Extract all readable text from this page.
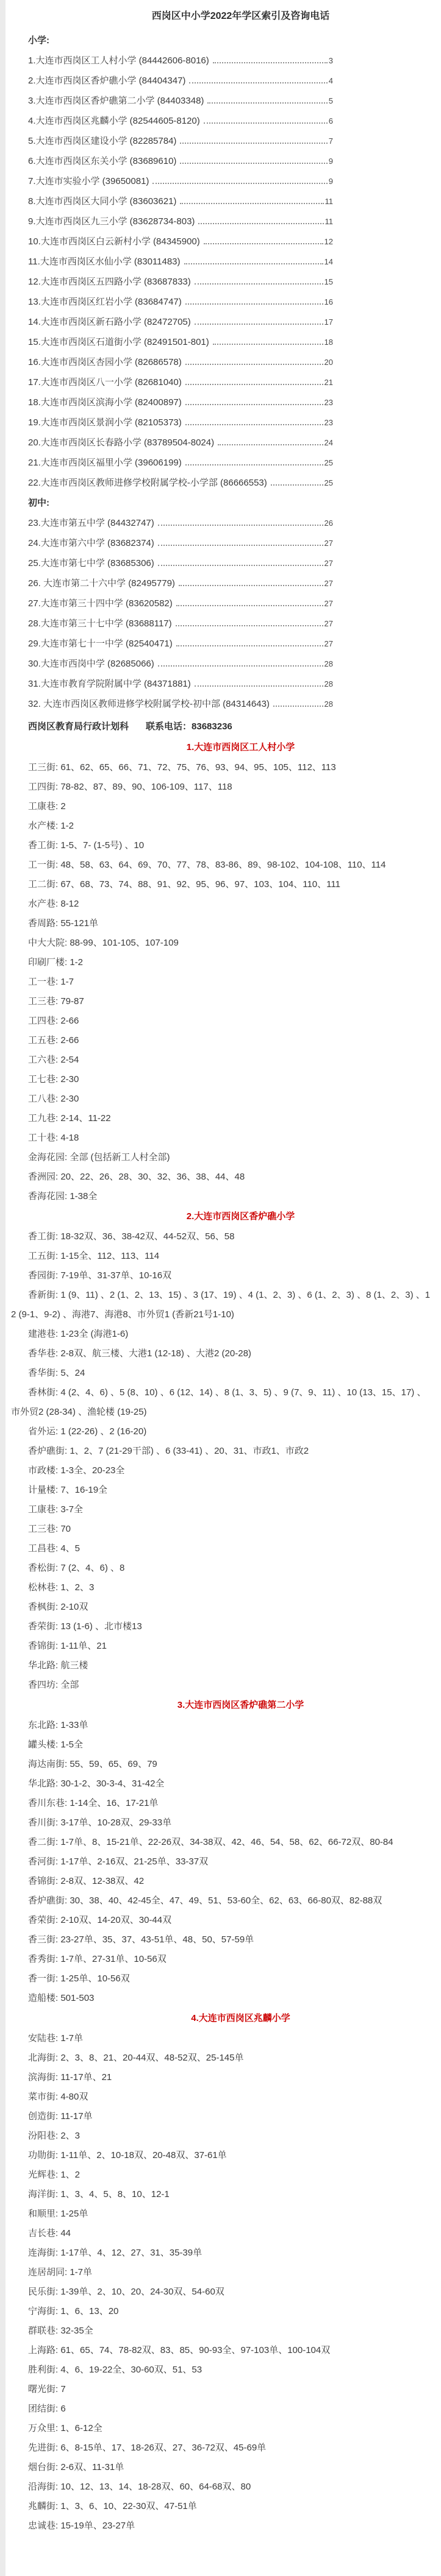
西岗区中小学2022年学区索引及咨询电话
小学:
1.大连市西岗区工人村小学 (84442606-8016)	3
2.大连市西岗区香炉礁小学 (84404347)	4
3.大连市西岗区香炉礁第二小学 (84403348)	5
4.大连市西岗区兆麟小学 (82544605-8120)	6
5.大连市西岗区建设小学 (82285784)	7
6.大连市西岗区东关小学 (83689610)	9
7.大连市实验小学 (39650081)	9
8.大连市西岗区大同小学 (83603621)	11
9.大连市西岗区九三小学 (83628734-803)	11
10.大连市西岗区白云新村小学 (84345900)	12
11.大连市西岗区水仙小学 (83011483)	14
12.大连市西岗区五四路小学 (83687833)	15
13.大连市西岗区红岩小学 (83684747)	16
14.大连市西岗区新石路小学 (82472705)	17
15.大连市西岗区石道街小学 (82491501-801)	18
16.大连市西岗区杏园小学 (82686578)	20
17.大连市西岗区八一小学 (82681040)	21
18.大连市西岗区滨海小学 (82400897)	23
19.大连市西岗区景润小学 (82105373)	23
20.大连市西岗区长春路小学 (83789504-8024)	24
21.大连市西岗区福里小学 (39606199)	25
22.大连市西岗区教师进修学校附属学校-小学部 (86666553)	25
初中:
23.大连市第五中学 (84432747)	26
24.大连市第六中学 (83682374)	27
25.大连市第七中学 (83685306)	27
26. 大连市第二十六中学 (82495779)	27
27.大连市第三十四中学 (83620582)	27
28.大连市第三十七中学 (83688117)	27
29.大连市第七十一中学 (82540471)	27
30.大连市西岗中学 (82685066)	28
31.大连市教育学院附属中学 (84371881)	28
32. 大连市西岗区教师进修学校附属学校-初中部 (84314643)	28
西岗区教育局行政计划科 联系电话：83683236
1.大连市西岗区工人村小学

工三街: 61、62、65、66、71、72、75、76、93、94、95、105、112、113

工四街: 78-82、87、89、90、106-109、117、118

工康巷: 2

水产楼: 1-2

香工街: 1-5、7- (1-5号) 、10

工一街: 48、58、63、64、69、70、77、78、83-86、89、98-102、104-108、110、114

工二街: 67、68、73、74、88、91、92、95、96、97、103、104、110、111

水产巷: 8-12

香周路: 55-121单

中大大院: 88-99、101-105、107-109

印刷厂楼: 1-2

工一巷: 1-7

工三巷: 79-87

工四巷: 2-66

工五巷: 2-66

工六巷: 2-54

工七巷: 2-30

工八巷: 2-30

工九巷: 2-14、11-22

工十巷: 4-18

金海花园: 全部 (包括新工人村全部)

香洲园: 20、22、26、28、30、32、36、38、44、48

香海花园: 1-38全

2.大连市西岗区香炉礁小学

香工街: 18-32双、36、38-42双、44-52双、56、58

工五街: 1-15全、112、113、114

香园街: 7-19单、31-37单、10-16双

香新街: 1 (9、11) 、2 (1、2、13、15) 、3 (17、19) 、4 (1、2、3) 、6 (1、2、3) 、8 (1、2、3) 、12 (9-1、9-2) 、海港7、海港8、市外贸1 (香新21号1-10)

建港巷: 1-23全 (海港1-6)

香华巷: 2-8双、航三楼、大港1 (12-18) 、大港2 (20-28)

香华街: 5、24

香林街: 4 (2、4、6) 、5 (8、10) 、6 (12、14) 、8 (1、3、5) 、9 (7、9、11) 、10 (13、15、17) 、市外贸2 (28-34) 、渔轮楼 (19-25)

省外运: 1 (22-26) 、2 (16-20)

香炉礁街: 1、2、7 (21-29干部) 、6 (33-41) 、20、31、市政1、市政2

市政楼: 1-3全、20-23全

计量楼: 7、16-19全

工康巷: 3-7全

工三巷: 70

工昌巷: 4、5

香松街: 7 (2、4、6) 、8

松林巷: 1、2、3

香枫街: 2-10双

香荣街: 13 (1-6) 、北市楼13

香锦街: 1-11单、21

华北路: 航三楼

香四坊: 全部

3.大连市西岗区香炉礁第二小学

东北路: 1-33单

罐头楼: 1-5全

海达南街: 55、59、65、69、79

华北路: 30-1-2、30-3-4、31-42全

香川东巷: 1-14全、16、17-21单

香川街: 3-17单、10-28双、29-33单

香二街: 1-7单、8、15-21单、22-26双、34-38双、42、46、54、58、62、66-72双、80-84

香河街: 1-17单、2-16双、21-25单、33-37双

香锦街: 2-8双、12-38双、42

香炉礁街: 30、38、40、42-45全、47、49、51、53-60全、62、63、66-80双、82-88双

香荣街: 2-10双、14-20双、30-44双

香三街: 23-27单、35、37、43-51单、48、50、57-59单

香秀街: 1-7单、27-31单、10-56双

香一街: 1-25单、10-56双

造船楼: 501-503

4.大连市西岗区兆麟小学

安陆巷: 1-7单

北海街: 2、3、8、21、20-44双、48-52双、25-145单

滨海街: 11-17单、21

菜市街: 4-80双

创造街: 11-17单

汾阳巷: 2、3

功勋街: 1-11单、2、10-18双、20-48双、37-61单

光辉巷: 1、2

海洋街: 1、3、4、5、8、10、12-1

和顺里: 1-25单

吉长巷: 44

连海街: 1-17单、4、12、27、31、35-39单

连居胡同: 1-7单

民乐街: 1-39单、2、10、20、24-30双、54-60双

宁海街: 1、6、13、20

群联巷: 32-35全

上海路: 61、65、74、78-82双、83、85、90-93全、97-103单、100-104双

胜利街: 4、6、19-22全、30-60双、51、53

曙光街: 7

团结街: 6

万众里: 1、6-12全

先进街: 6、8-15单、17、18-26双、27、36-72双、45-69单

烟台街: 2-6双、11-31单

沿海街: 10、12、13、14、18-28双、60、64-68双、80

兆麟街: 1、3、6、10、22-30双、47-51单

忠诚巷: 15-19单、23-27单
